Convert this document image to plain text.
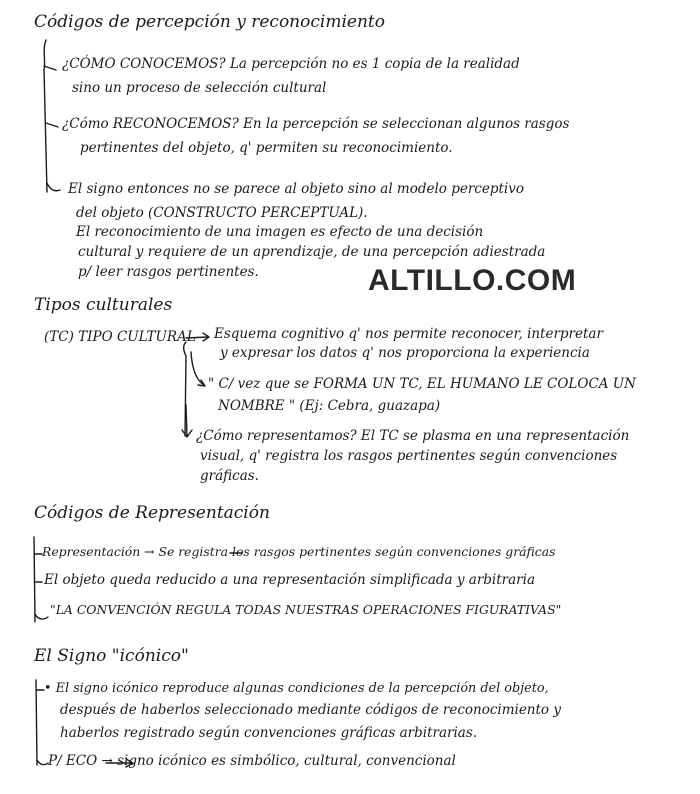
Códigos de percepción y reconocimiento
¿CÓMO CONOCEMOS? La percepción no es 1 copia de la realidad
sino un proceso de selección cultural
¿Cómo RECONOCEMOS? En la percepción se seleccionan algunos rasgos
pertinentes del objeto, q' permiten su reconocimiento.
El signo entonces no se parece al objeto sino al modelo perceptivo
del objeto (CONSTRUCTO PERCEPTUAL).
El reconocimiento de una imagen es efecto de una decisión
cultural y requiere de un aprendizaje, de una percepción adiestrada
p/ leer rasgos pertinentes.	ALTILLO.COM
Tipos culturales
(TC) TIPO CULTURAL Esquema cognitivo q' nos permite reconocer, interpretar
y expresar los datos q' nos proporciona la experiencia
" C/ vez que se FORMA UN TC, EL HUMANO LE COLOCA UN
NOMBRE " (Ej: Cebra, guazapa)
¿Cómo representamos? El TC se plasma en una representación
visual, q' registra los rasgos pertinentes según convenciones
gráficas.
Códigos de Representación
Representación → Se registra los rasgos pertinentes según convenciones gráficas
El objeto queda reducido a una representación simplificada y arbitraria
"LA CONVENCIÓN REGULA TODAS NUESTRAS OPERACIONES FIGURATIVAS"
El Signo "icónico"
• El signo icónico reproduce algunas condiciones de la percepción del objeto,
después de haberlos seleccionado mediante códigos de reconocimiento y
haberlos registrado según convenciones gráficas arbitrarias.
P/ ECO → signo icónico es simbólico, cultural, convencional
